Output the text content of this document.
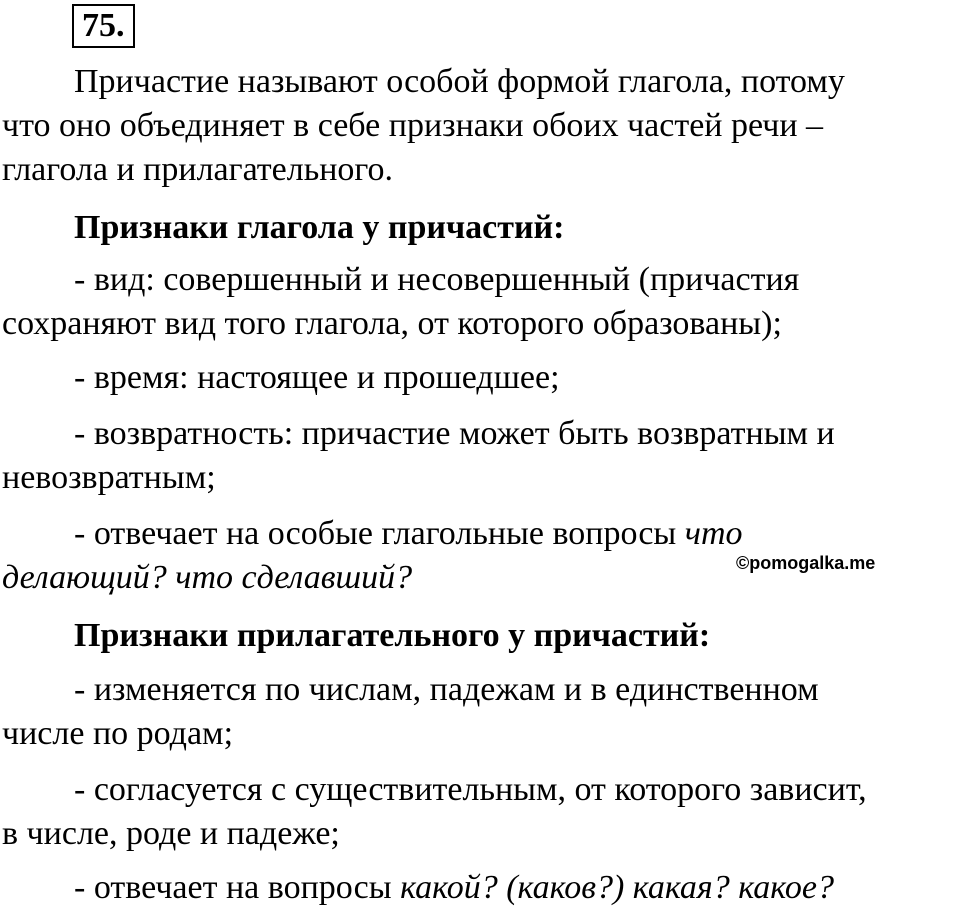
75.
Причастие называют особой формой глагола, потому
что оно объединяет в себе признаки обоих частей речи –
глагола и прилагательного.
Признаки глагола у причастий:
- вид: совершенный и несовершенный (причастия
сохраняют вид того глагола, от которого образованы);
- время: настоящее и прошедшее;
- возвратность: причастие может быть возвратным и
невозвратным;
- отвечает на особые глагольные вопросы что
делающий? что сделавший?	©pomogalka.me
Признаки прилагательного у причастий:
- изменяется по числам, падежам и в единственном
числе по родам;
- согласуется с существительным, от которого зависит,
в числе, роде и падеже;
- отвечает на вопросы какой? (каков?) какая? какое?
